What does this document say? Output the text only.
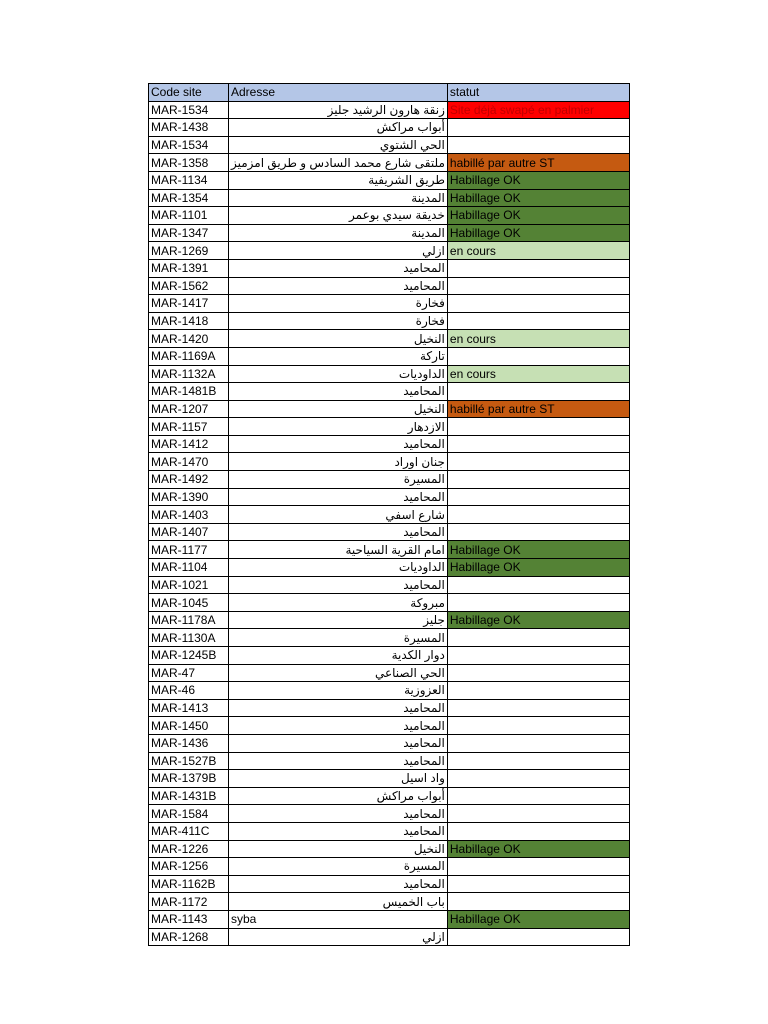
Code site	Adresse	statut
MAR-1534	زنقة هارون الرشيد جليز	Site déjà swapé en palmier
MAR-1438	أبواب مراكش	
MAR-1534	الحي الشتوي	
MAR-1358	ملتقى شارع محمد السادس و طريق امزميز	habillé par autre ST
MAR-1134	طريق الشريفية	Habillage OK
MAR-1354	المدينة	Habillage OK
MAR-1101	خديقة سيدي بوعمر	Habillage OK
MAR-1347	المدينة	Habillage OK
MAR-1269	ازلي	en cours
MAR-1391	المحاميد	
MAR-1562	المحاميد	
MAR-1417	فخارة	
MAR-1418	فخارة	
MAR-1420	النخيل	en cours
MAR-1169A	تاركة	
MAR-1132A	الداوديات	en cours
MAR-1481B	المحاميد	
MAR-1207	النخيل	habillé par autre ST
MAR-1157	الازدهار	
MAR-1412	المحاميد	
MAR-1470	جنان اوراد	
MAR-1492	المسيرة	
MAR-1390	المحاميد	
MAR-1403	شارع اسفي	
MAR-1407	المحاميد	
MAR-1177	امام القرية السياحية	Habillage OK
MAR-1104	الداوديات	Habillage OK
MAR-1021	المحاميد	
MAR-1045	مبروكة	
MAR-1178A	جليز	Habillage OK
MAR-1130A	المسيرة	
MAR-1245B	دوار الكدية	
MAR-47	الحي الصناعي	
MAR-46	العزوزية	
MAR-1413	المحاميد	
MAR-1450	المحاميد	
MAR-1436	المحاميد	
MAR-1527B	المحاميد	
MAR-1379B	واد اسيل	
MAR-1431B	أبواب مراكش	
MAR-1584	المحاميد	
MAR-411C	المحاميد	
MAR-1226	النخيل	Habillage OK
MAR-1256	المسيرة	
MAR-1162B	المحاميد	
MAR-1172	باب الخميس	
MAR-1143	syba	Habillage OK
MAR-1268	ازلي	
